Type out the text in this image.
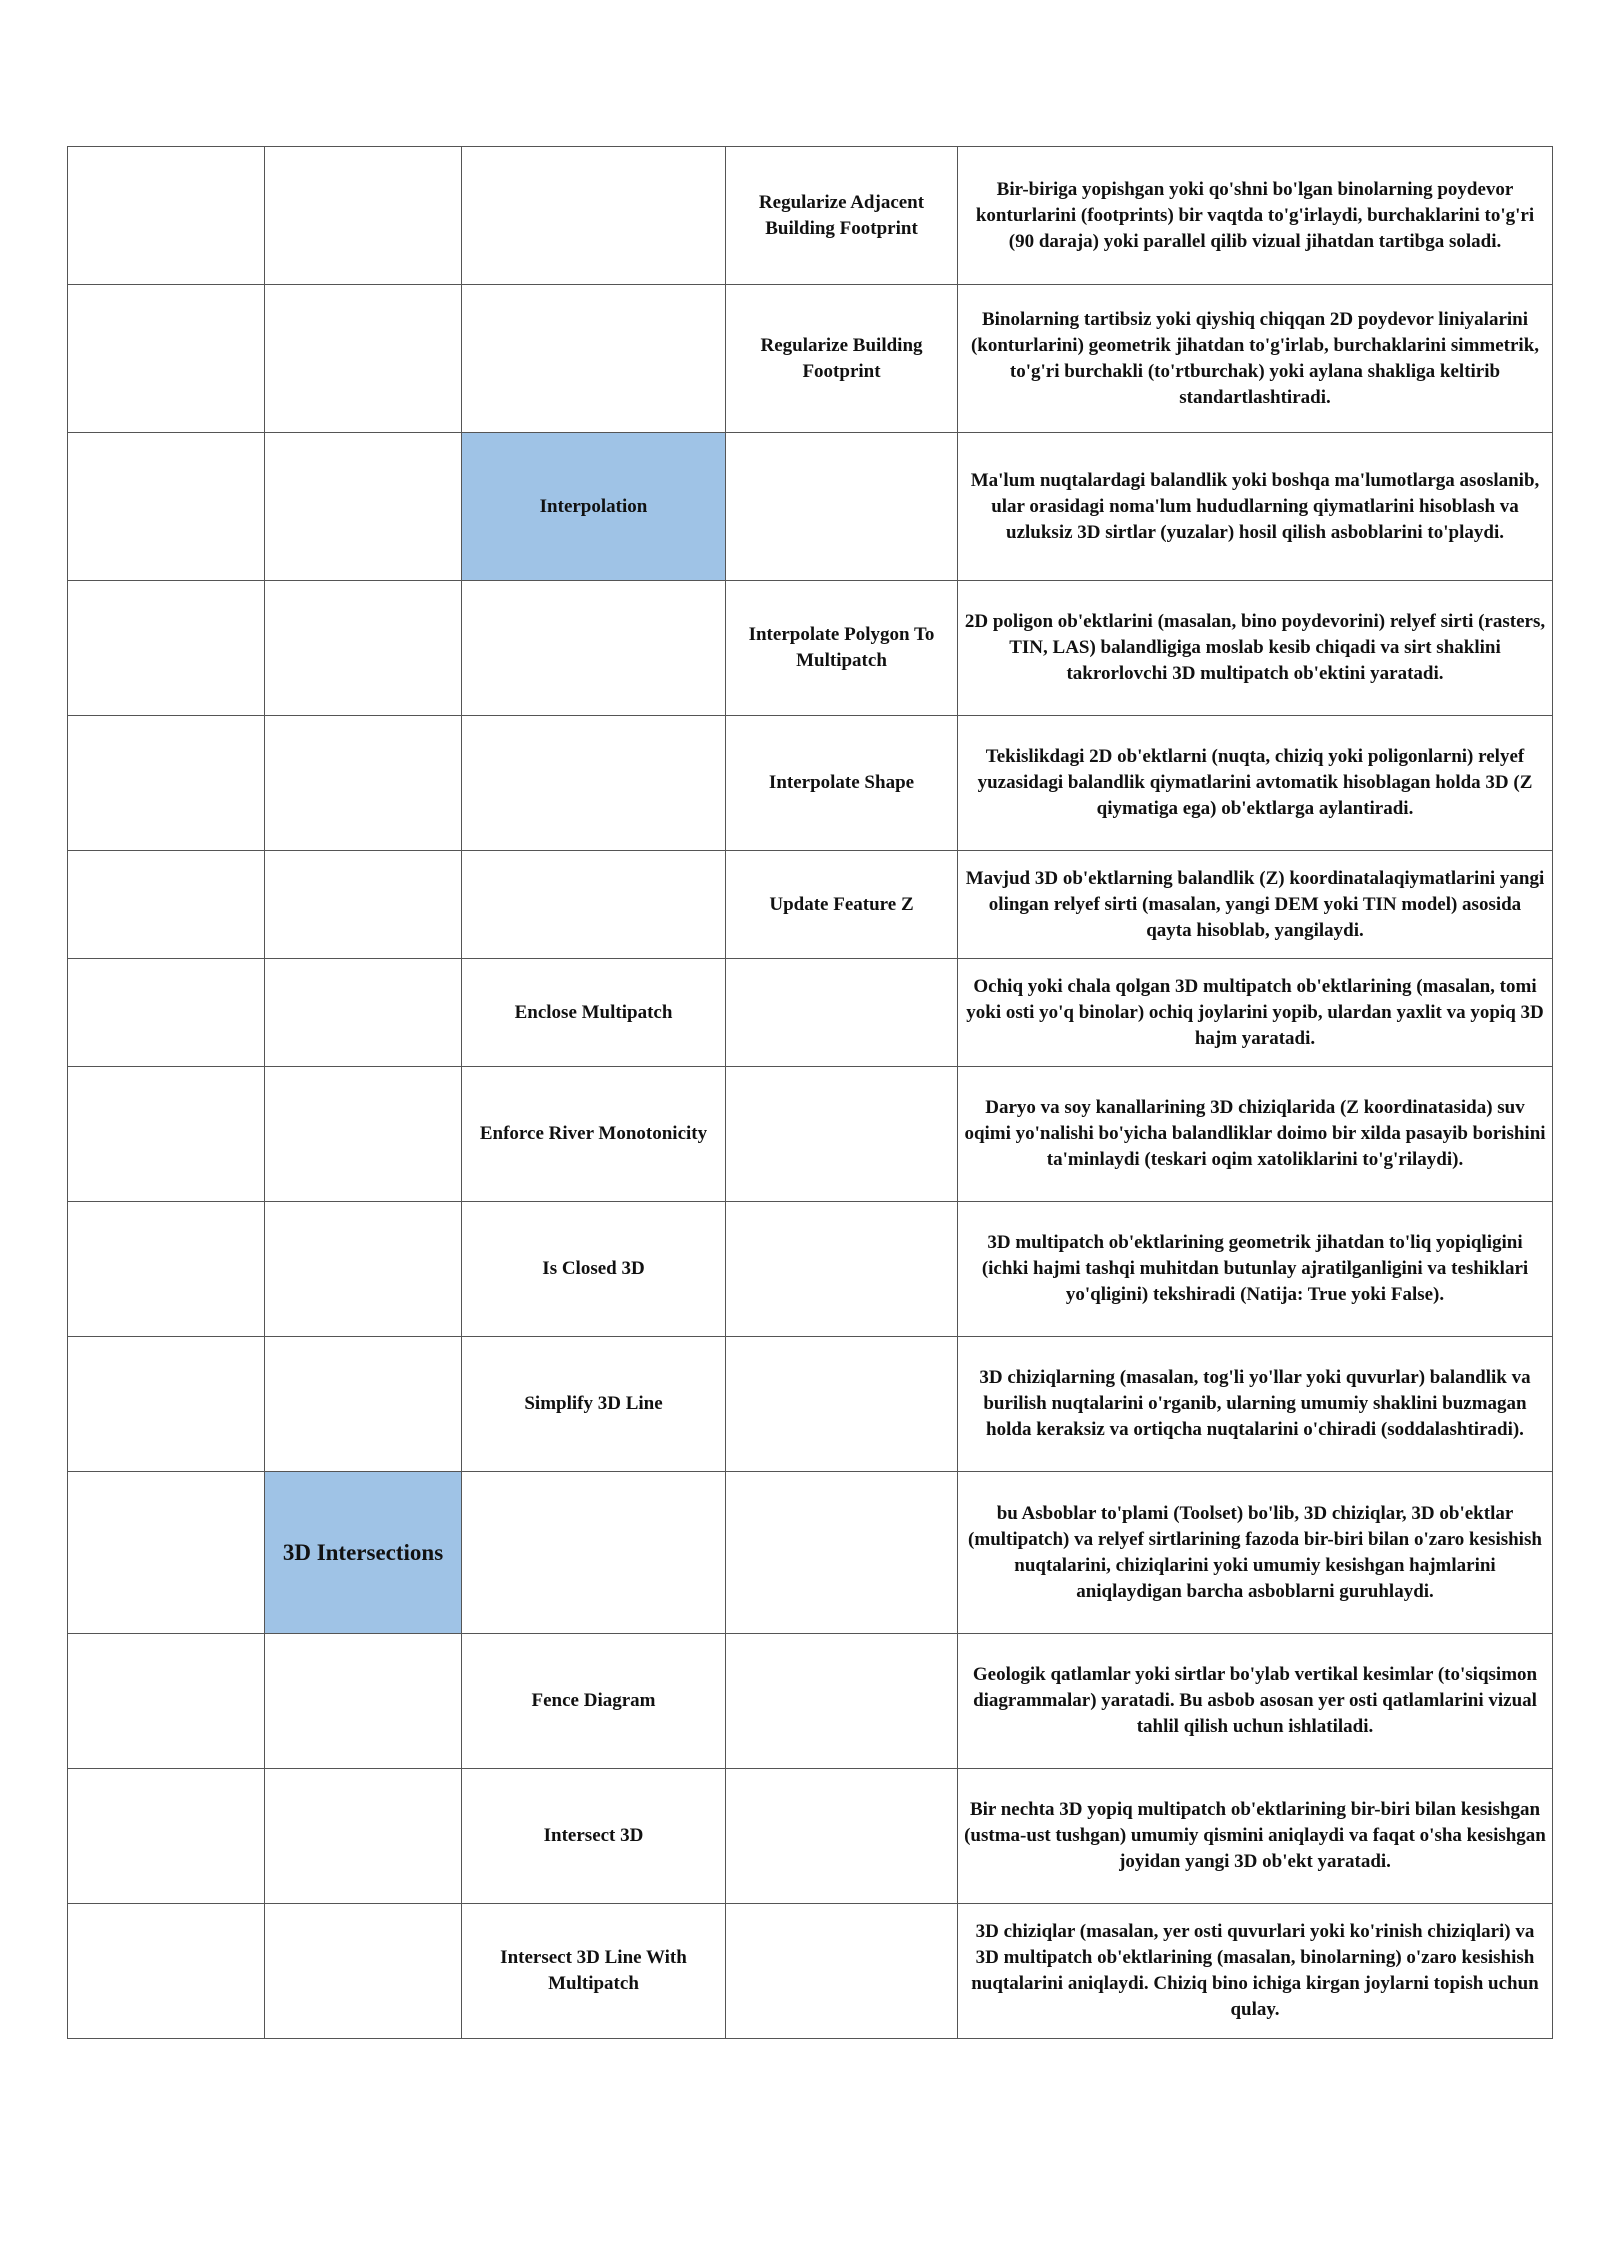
			Regularize Adjacent Building Footprint	Bir-biriga yopishgan yoki qo'shni bo'lgan binolarning poydevor konturlarini (footprints) bir vaqtda to'g'irlaydi, burchaklarini to'g'ri (90 daraja) yoki parallel qilib vizual jihatdan tartibga soladi.
			Regularize Building Footprint	Binolarning tartibsiz yoki qiyshiq chiqqan 2D poydevor liniyalarini (konturlarini) geometrik jihatdan to'g'irlab, burchaklarini simmetrik, to'g'ri burchakli (to'rtburchak) yoki aylana shakliga keltirib standartlashtiradi.
		Interpolation		Ma'lum nuqtalardagi balandlik yoki boshqa ma'lumotlarga asoslanib, ular orasidagi noma'lum hududlarning qiymatlarini hisoblash va uzluksiz 3D sirtlar (yuzalar) hosil qilish asboblarini to'playdi.
			Interpolate Polygon To Multipatch	2D poligon ob'ektlarini (masalan, bino poydevorini) relyef sirti (rasters, TIN, LAS) balandligiga moslab kesib chiqadi va sirt shaklini takrorlovchi 3D multipatch ob'ektini yaratadi.
			Interpolate Shape	Tekislikdagi 2D ob'ektlarni (nuqta, chiziq yoki poligonlarni) relyef yuzasidagi balandlik qiymatlarini avtomatik hisoblagan holda 3D (Z qiymatiga ega) ob'ektlarga aylantiradi.
			Update Feature Z	Mavjud 3D ob'ektlarning balandlik (Z) koordinatalaqiymatlarini yangi olingan relyef sirti (masalan, yangi DEM yoki TIN model) asosida qayta hisoblab, yangilaydi.
		Enclose Multipatch		Ochiq yoki chala qolgan 3D multipatch ob'ektlarining (masalan, tomi yoki osti yo'q binolar) ochiq joylarini yopib, ulardan yaxlit va yopiq 3D hajm yaratadi.
		Enforce River Monotonicity		Daryo va soy kanallarining 3D chiziqlarida (Z koordinatasida) suv oqimi yo'nalishi bo'yicha balandliklar doimo bir xilda pasayib borishini ta'minlaydi (teskari oqim xatoliklarini to'g'rilaydi).
		Is Closed 3D		3D multipatch ob'ektlarining geometrik jihatdan to'liq yopiqligini (ichki hajmi tashqi muhitdan butunlay ajratilganligini va teshiklari yo'qligini) tekshiradi (Natija: True yoki False).
		Simplify 3D Line		3D chiziqlarning (masalan, tog'li yo'llar yoki quvurlar) balandlik va burilish nuqtalarini o'rganib, ularning umumiy shaklini buzmagan holda keraksiz va ortiqcha nuqtalarini o'chiradi (soddalashtiradi).
	3D Intersections			bu Asboblar to'plami (Toolset) bo'lib, 3D chiziqlar, 3D ob'ektlar (multipatch) va relyef sirtlarining fazoda bir-biri bilan o'zaro kesishish nuqtalarini, chiziqlarini yoki umumiy kesishgan hajmlarini aniqlaydigan barcha asboblarni guruhlaydi.
		Fence Diagram		Geologik qatlamlar yoki sirtlar bo'ylab vertikal kesimlar (to'siqsimon diagrammalar) yaratadi. Bu asbob asosan yer osti qatlamlarini vizual tahlil qilish uchun ishlatiladi.
		Intersect 3D		Bir nechta 3D yopiq multipatch ob'ektlarining bir-biri bilan kesishgan (ustma-ust tushgan) umumiy qismini aniqlaydi va faqat o'sha kesishgan joyidan yangi 3D ob'ekt yaratadi.
		Intersect 3D Line With Multipatch		3D chiziqlar (masalan, yer osti quvurlari yoki ko'rinish chiziqlari) va 3D multipatch ob'ektlarining (masalan, binolarning) o'zaro kesishish nuqtalarini aniqlaydi. Chiziq bino ichiga kirgan joylarni topish uchun qulay.
